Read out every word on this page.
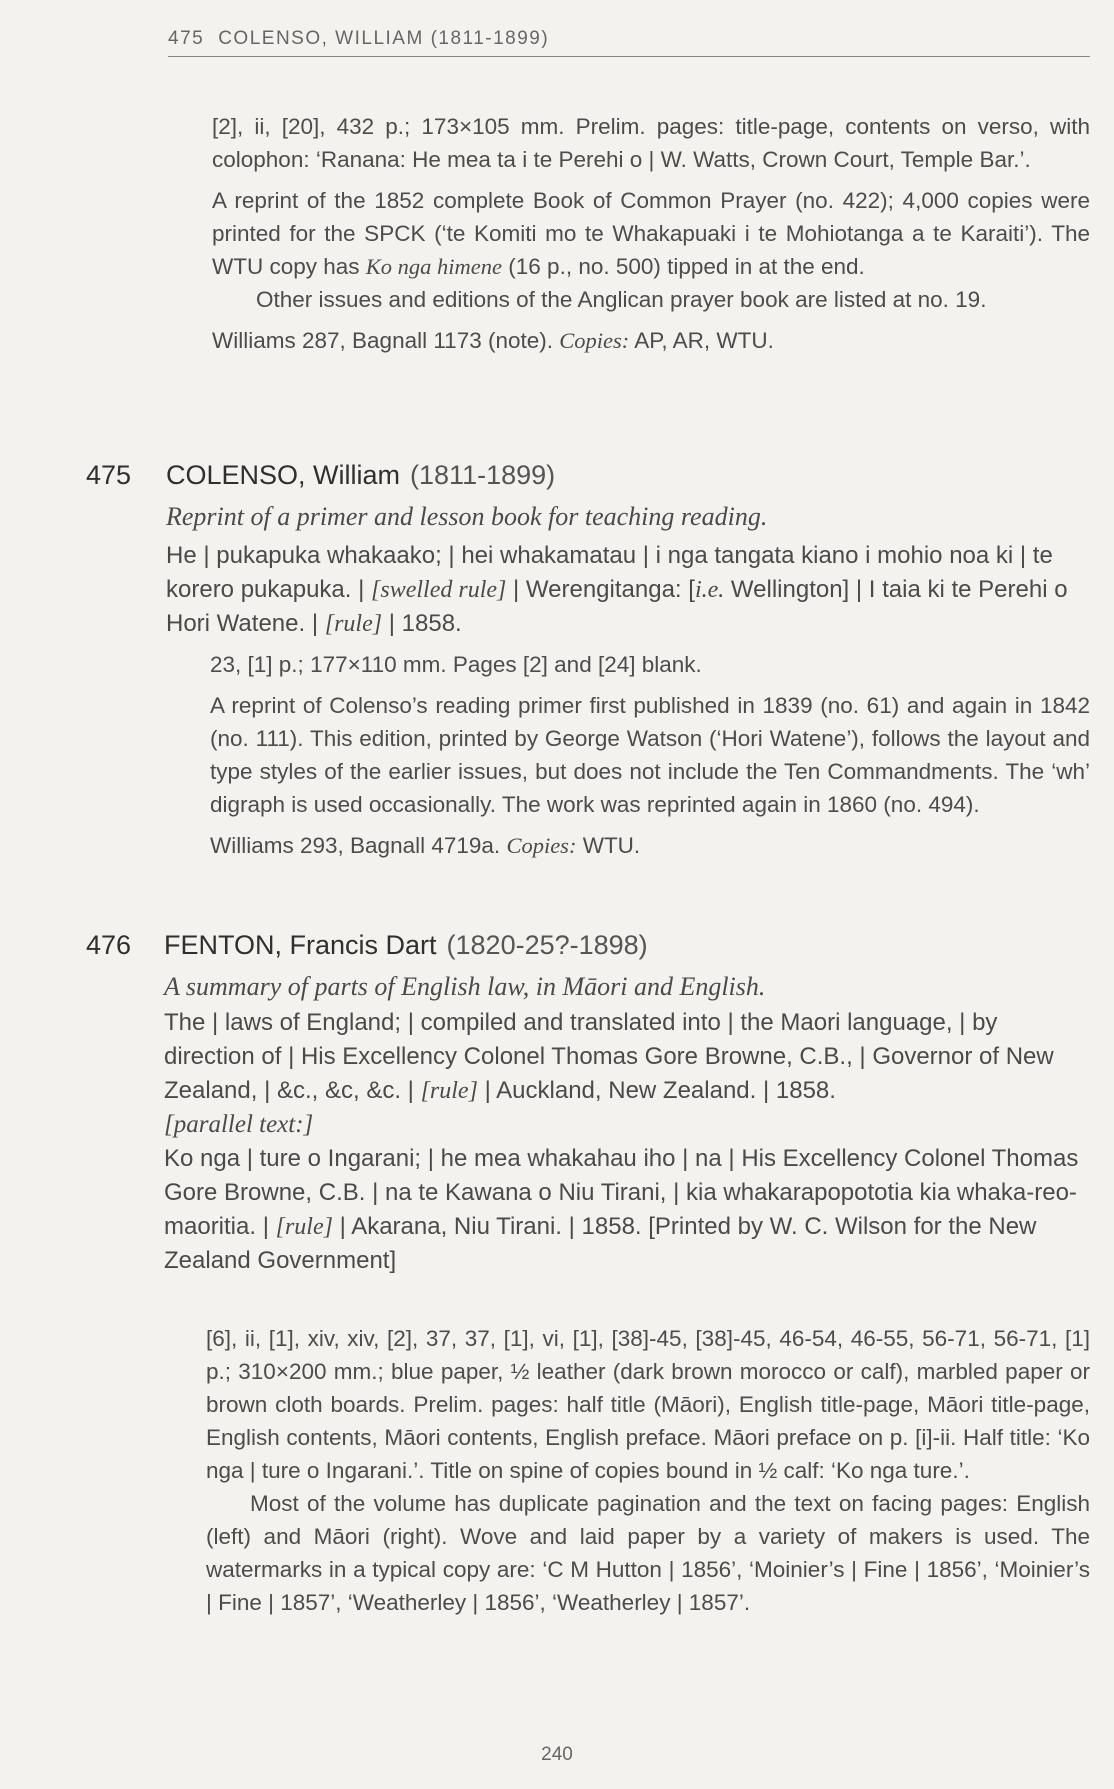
475 COLENSO, WILLIAM (1811-1899)

[2], ii, [20], 432 p.; 173×105 mm. Prelim. pages: title-page, contents on verso, with colophon: ‘Ranana: He mea ta i te Perehi o | W. Watts, Crown Court, Temple Bar.’.

A reprint of the 1852 complete Book of Common Prayer (no. 422); 4,000 copies were printed for the SPCK (‘te Komiti mo te Whakapuaki i te Mohiotanga a te Karaiti’). The WTU copy has Ko nga himene (16 p., no. 500) tipped in at the end.

Other issues and editions of the Anglican prayer book are listed at no. 19.

Williams 287, Bagnall 1173 (note). Copies: AP, AR, WTU.

475 COLENSO, William (1811-1899)
Reprint of a primer and lesson book for teaching reading.

He | pukapuka whakaako; | hei whakamatau | i nga tangata kiano i mohio noa ki | te korero pukapuka. | [swelled rule] | Werengitanga: [i.e. Wellington] | I taia ki te Perehi o Hori Watene. | [rule] | 1858.

23, [1] p.; 177×110 mm. Pages [2] and [24] blank.

A reprint of Colenso’s reading primer first published in 1839 (no. 61) and again in 1842 (no. 111). This edition, printed by George Watson (‘Hori Watene’), follows the layout and type styles of the earlier issues, but does not include the Ten Commandments. The ‘wh’ digraph is used occasionally. The work was reprinted again in 1860 (no. 494).

Williams 293, Bagnall 4719a. Copies: WTU.

476 FENTON, Francis Dart (1820-25?-1898)
A summary of parts of English law, in Māori and English.

The | laws of England; | compiled and translated into | the Maori language, | by direction of | His Excellency Colonel Thomas Gore Browne, C.B., | Governor of New Zealand, | &c., &c, &c. | [rule] | Auckland, New Zealand. | 1858.

[parallel text:]

Ko nga | ture o Ingarani; | he mea whakahau iho | na | His Excellency Colonel Thomas Gore Browne, C.B. | na te Kawana o Niu Tirani, | kia whakarapopototia kia whaka-reo-maoritia. | [rule] | Akarana, Niu Tirani. | 1858. [Printed by W. C. Wilson for the New Zealand Government]

[6], ii, [1], xiv, xiv, [2], 37, 37, [1], vi, [1], [38]-45, [38]-45, 46-54, 46-55, 56-71, 56-71, [1] p.; 310×200 mm.; blue paper, ½ leather (dark brown morocco or calf), marbled paper or brown cloth boards. Prelim. pages: half title (Māori), English title-page, Māori title-page, English contents, Māori contents, English preface. Māori preface on p. [i]-ii. Half title: ‘Ko nga | ture o Ingarani.’. Title on spine of copies bound in ½ calf: ‘Ko nga ture.’.

Most of the volume has duplicate pagination and the text on facing pages: English (left) and Māori (right). Wove and laid paper by a variety of makers is used. The watermarks in a typical copy are: ‘C M Hutton | 1856’, ‘Moinier’s | Fine | 1856’, ‘Moinier’s | Fine | 1857’, ‘Weatherley | 1856’, ‘Weatherley | 1857’.

240
